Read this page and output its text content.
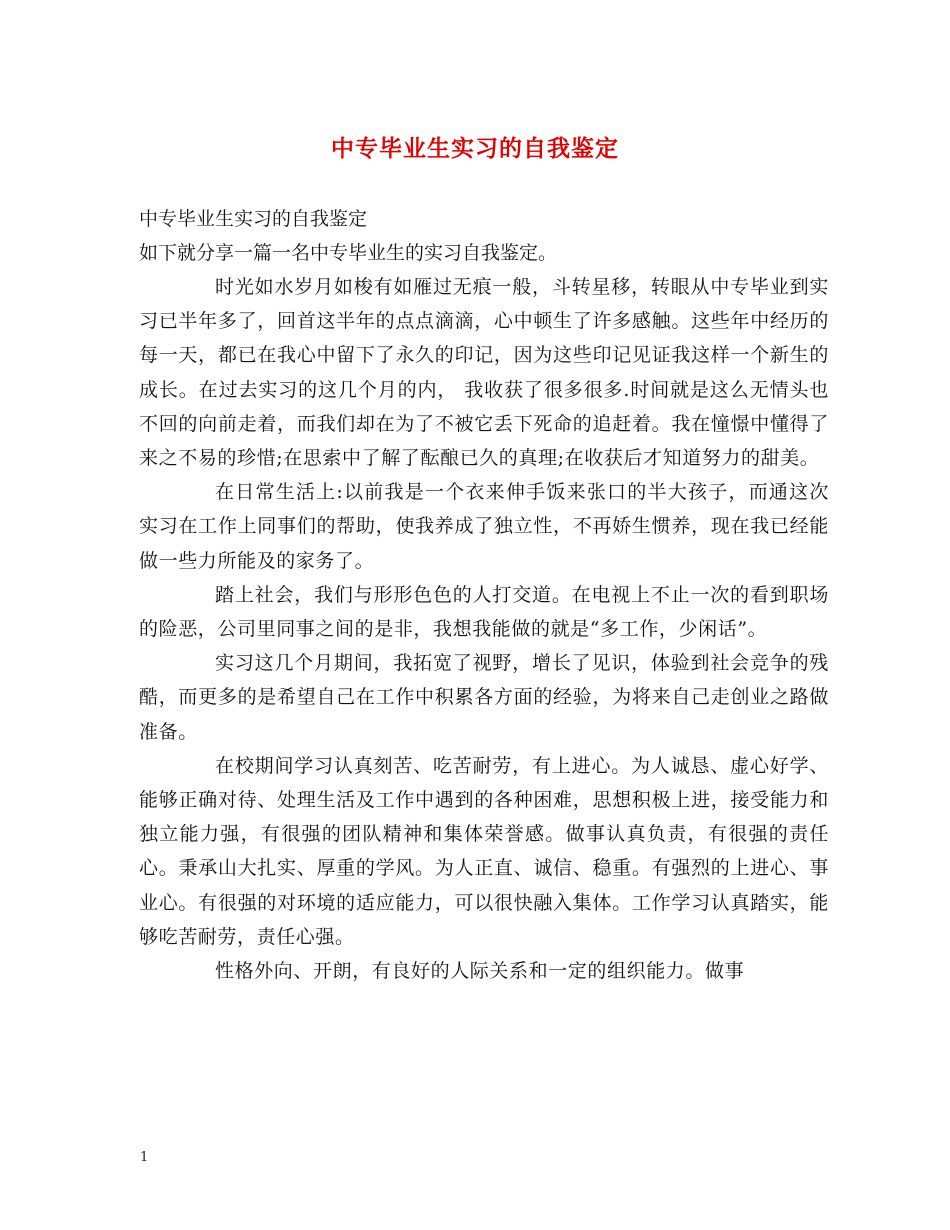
中专毕业生实习的自我鉴定

中专毕业生实习的自我鉴定

如下就分享一篇一名中专毕业生的实习自我鉴定。

时光如水岁月如梭有如雁过无痕一般，斗转星移，转眼从中专毕业到实习已半年多了，回首这半年的点点滴滴，心中顿生了许多感触。这些年中经历的每一天，都已在我心中留下了永久的印记，因为这些印记见证我这样一个新生的成长。在过去实习的这几个月的内， 我收获了很多很多.时间就是这么无情头也不回的向前走着，而我们却在为了不被它丢下死命的追赶着。我在憧憬中懂得了来之不易的珍惜;在思索中了解了酝酿已久的真理;在收获后才知道努力的甜美。

在日常生活上:以前我是一个衣来伸手饭来张口的半大孩子，而通这次实习在工作上同事们的帮助，使我养成了独立性，不再娇生惯养，现在我已经能做一些力所能及的家务了。

踏上社会，我们与形形色色的人打交道。在电视上不止一次的看到职场的险恶，公司里同事之间的是非，我想我能做的就是“多工作，少闲话”。

实习这几个月期间，我拓宽了视野，增长了见识，体验到社会竞争的残酷，而更多的是希望自己在工作中积累各方面的经验，为将来自己走创业之路做准备。

在校期间学习认真刻苦、吃苦耐劳，有上进心。为人诚恳、虚心好学、能够正确对待、处理生活及工作中遇到的各种困难，思想积极上进，接受能力和独立能力强，有很强的团队精神和集体荣誉感。做事认真负责，有很强的责任心。秉承山大扎实、厚重的学风。为人正直、诚信、稳重。有强烈的上进心、事业心。有很强的对环境的适应能力，可以很快融入集体。工作学习认真踏实，能够吃苦耐劳，责任心强。

性格外向、开朗，有良好的人际关系和一定的组织能力。做事

1
